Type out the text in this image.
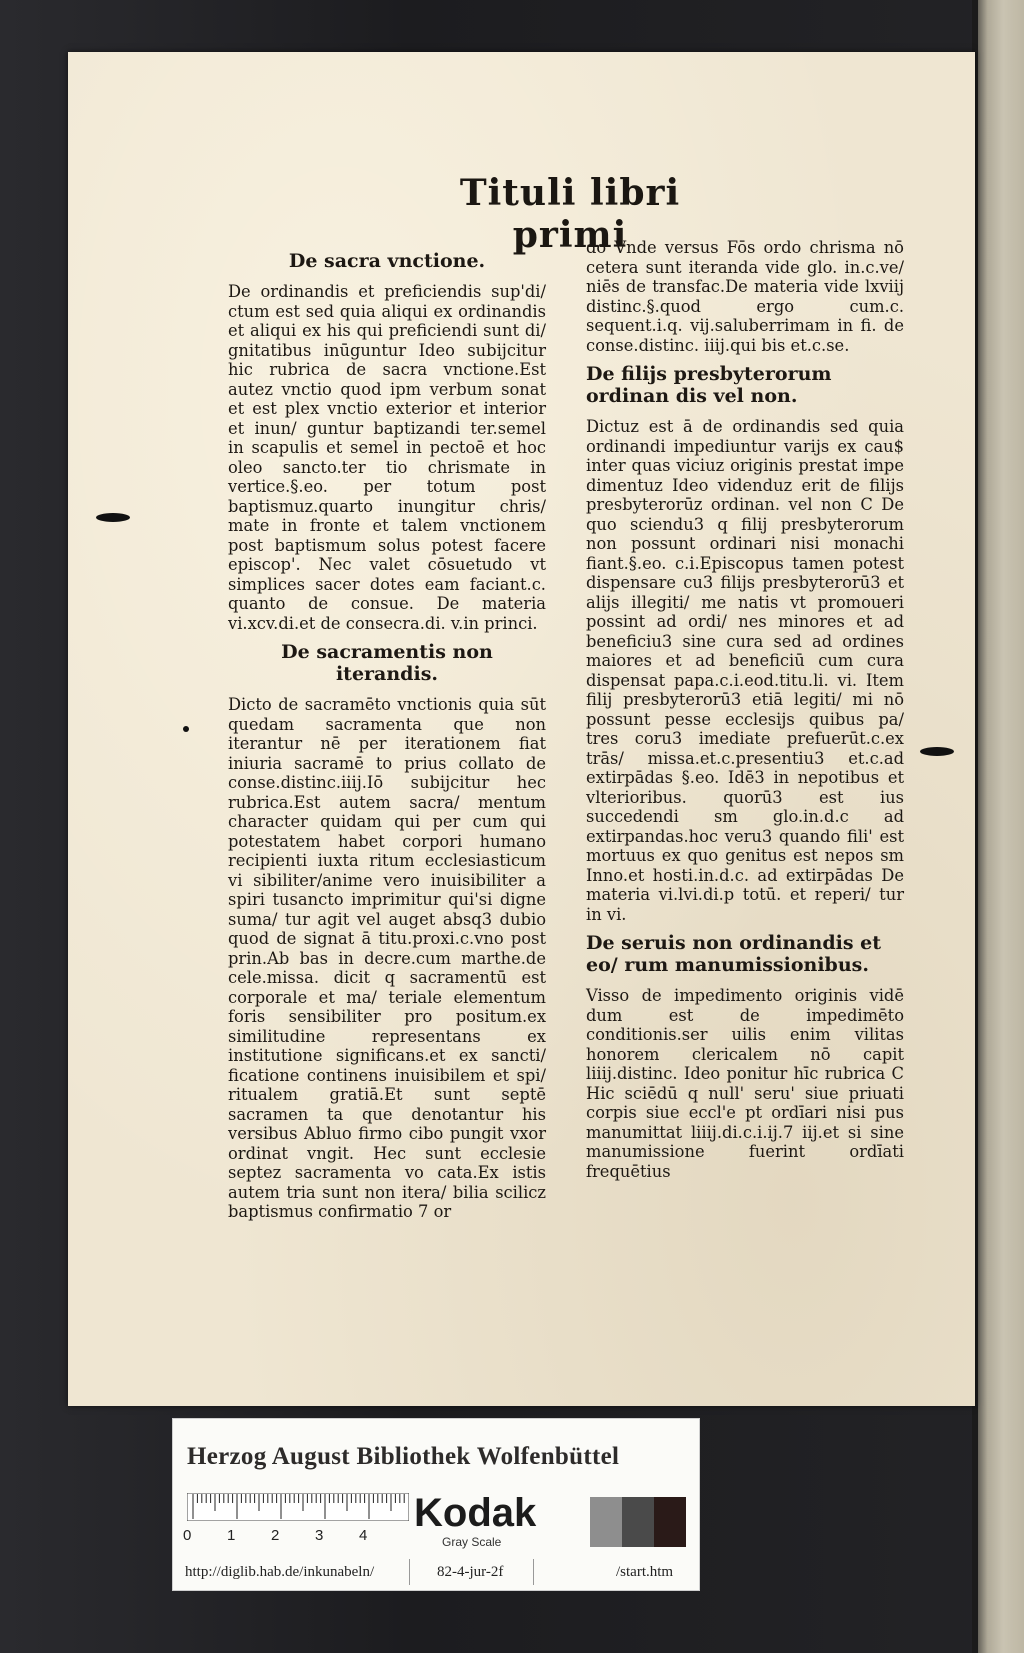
Tituli libri primi
De sacra vnctione.

De ordinandis et preficiendis sup'di/ ctum est sed quia aliqui ex ordinandis et aliqui ex his qui preficiendi sunt di/ gnitatibus inūguntur Ideo subijcitur hic rubrica de sacra vnctione.Est autez vnctio quod ipm verbum sonat et est plex vnctio exterior et interior et inun/ guntur baptizandi ter.semel in scapulis et semel in pectoē et hoc oleo sancto.ter tio chrismate in vertice.§.eo. per totum post baptismuz.quarto inungitur chris/ mate in fronte et talem vnctionem post baptismum solus potest facere episcop'. Nec valet cōsuetudo vt simplices sacer dotes eam faciant.c. quanto de consue. De materia vi.xcv.di.et de consecra.di. v.in princi.

De sacramentis non iterandis.

Dicto de sacramēto vnctionis quia sūt quedam sacramenta que non iterantur nē per iterationem fiat iniuria sacramē to prius collato de conse.distinc.iiij.Iō subijcitur hec rubrica.Est autem sacra/ mentum character quidam qui per cum qui potestatem habet corpori humano recipienti iuxta ritum ecclesiasticum vi sibiliter/anime vero inuisibiliter a spiri tusancto imprimitur qui'si digne suma/ tur agit vel auget absq3 dubio quod de signat ā titu.proxi.c.vno post prin.Ab bas in decre.cum marthe.de cele.missa. dicit q sacramentū est corporale et ma/ teriale elementum foris sensibiliter pro positum.ex similitudine representans ex institutione significans.et ex sancti/ ficatione continens inuisibilem et spi/ ritualem gratiā.Et sunt septē sacramen ta que denotantur his versibus Abluo firmo cibo pungit vxor ordinat vngit. Hec sunt ecclesie septez sacramenta vo cata.Ex istis autem tria sunt non itera/ bilia scilicz baptismus confirmatio 7 or

do Vnde versus Fōs ordo chrisma nō cetera sunt iteranda vide glo. in.c.ve/ niēs de transfac.De materia vide lxviij distinc.§.quod ergo cum.c. sequent.i.q. vij.saluberrimam in fi. de conse.distinc. iiij.qui bis et.c.se.

De filijs presbyterorum ordinan dis vel non.

Dictuz est ā de ordinandis sed quia ordinandi impediuntur varijs ex cau$ inter quas viciuz originis prestat impe dimentuz Ideo videnduz erit de filijs presbyterorūz ordinan. vel non C De quo sciendu3 q filij presbyterorum non possunt ordinari nisi monachi fiant.§.eo. c.i.Episcopus tamen potest dispensare cu3 filijs presbyterorū3 et alijs illegiti/ me natis vt promoueri possint ad ordi/ nes minores et ad beneficiu3 sine cura sed ad ordines maiores et ad beneficiū cum cura dispensat papa.c.i.eod.titu.li. vi. Item filij presbyterorū3 etiā legiti/ mi nō possunt pesse ecclesijs quibus pa/ tres coru3 imediate prefuerūt.c.ex trās/ missa.et.c.presentiu3 et.c.ad extirpādas §.eo. Idē3 in nepotibus et vlterioribus. quorū3 est ius succedendi sm glo.in.d.c ad extirpandas.hoc veru3 quando fili' est mortuus ex quo genitus est nepos sm Inno.et hosti.in.d.c. ad extirpādas De materia vi.lvi.di.p totū. et reperi/ tur in vi.

De seruis non ordinandis et eo/ rum manumissionibus.

Visso de impedimento originis vidē dum est de impedimēto conditionis.ser uilis enim vilitas honorem clericalem nō capit liiij.distinc. Ideo ponitur hīc rubrica C Hic sciēdū q null' seru' siue priuati corpis siue eccl'e pt ordīari nisi pus manumittat liiij.di.c.i.ij.7 iij.et si sine manumissione fuerint ordīati frequētius

Herzog August Bibliothek Wolfenbüttel
0 1 2 3 4
Kodak
Gray Scale
http://diglib.hab.de/inkunabeln/	82-4-jur-2f	/start.htm
